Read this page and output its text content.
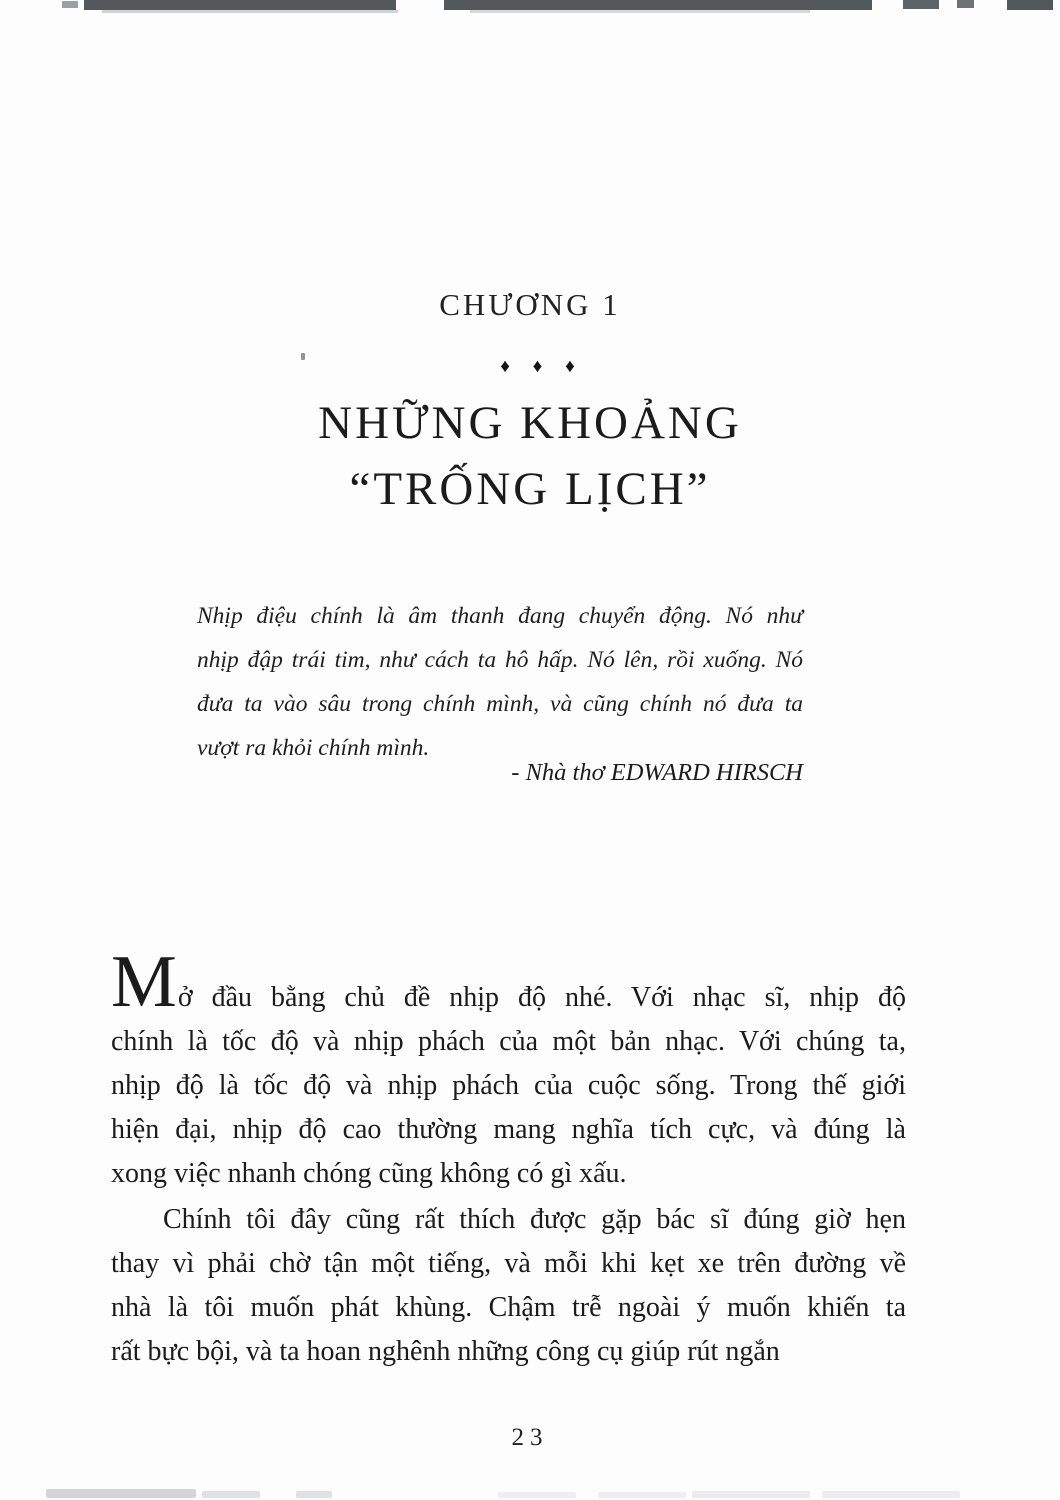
CHƯƠNG 1
♦ ♦ ♦
NHỮNG KHOẢNG
“TRỐNG LỊCH”
Nhịp điệu chính là âm thanh đang chuyển động. Nó như
nhịp đập trái tim, như cách ta hô hấp. Nó lên, rồi xuống. Nó
đưa ta vào sâu trong chính mình, và cũng chính nó đưa ta
vượt ra khỏi chính mình.
- Nhà thơ EDWARD HIRSCH
Mở đầu bằng chủ đề nhịp độ nhé. Với nhạc sĩ, nhịp độ
chính là tốc độ và nhịp phách của một bản nhạc. Với chúng ta,
nhịp độ là tốc độ và nhịp phách của cuộc sống. Trong thế giới
hiện đại, nhịp độ cao thường mang nghĩa tích cực, và đúng là
xong việc nhanh chóng cũng không có gì xấu.
Chính tôi đây cũng rất thích được gặp bác sĩ đúng giờ hẹn
thay vì phải chờ tận một tiếng, và mỗi khi kẹt xe trên đường về
nhà là tôi muốn phát khùng. Chậm trễ ngoài ý muốn khiến ta
rất bực bội, và ta hoan nghênh những công cụ giúp rút ngắn
23
